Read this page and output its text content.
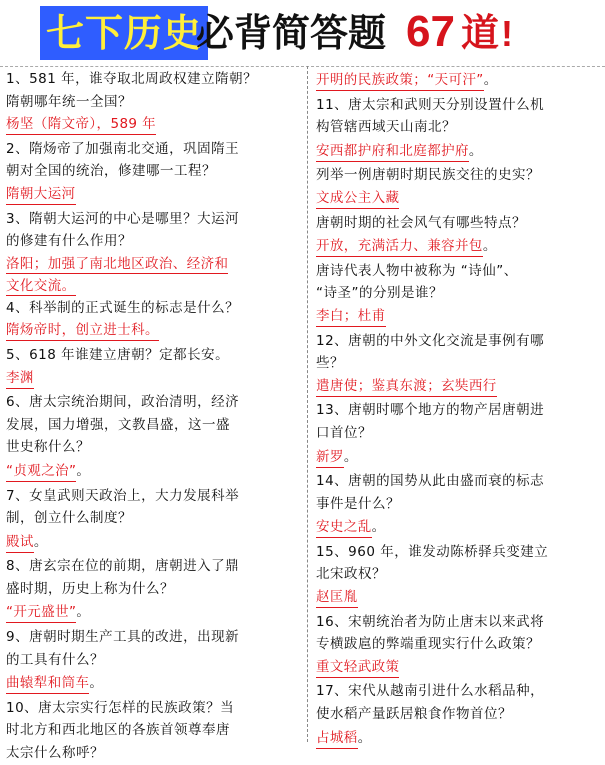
七下历史
必背简答题 67 道!
1、581 年，谁夺取北周政权建立隋朝？
隋朝哪年统一全国？
杨坚（隋文帝），589 年
2、隋炀帝了加强南北交通，巩固隋王
朝对全国的统治，修建哪一工程？
隋朝大运河
3、隋朝大运河的中心是哪里？大运河
的修建有什么作用？
洛阳；加强了南北地区政治、经济和
文化交流。
4、科举制的正式诞生的标志是什么？
隋炀帝时，创立进士科。
5、618 年谁建立唐朝？定都长安。
李渊
6、唐太宗统治期间，政治清明，经济
发展，国力增强，文教昌盛，这一盛
世史称什么？
“贞观之治”。
7、女皇武则天政治上，大力发展科举
制，创立什么制度？
殿试。
8、唐玄宗在位的前期，唐朝进入了鼎
盛时期，历史上称为什么？
“开元盛世”。
9、唐朝时期生产工具的改进，出现新
的工具有什么？
曲辕犁和筒车。
10、唐太宗实行怎样的民族政策？当
时北方和西北地区的各族首领尊奉唐
太宗什么称呼？
开明的民族政策；“天可汗”。
11、唐太宗和武则天分别设置什么机
构管辖西域天山南北？
安西都护府和北庭都护府。
列举一例唐朝时期民族交往的史实？
文成公主入藏
唐朝时期的社会风气有哪些特点？
开放，充满活力、兼容并包。
唐诗代表人物中被称为 “诗仙”、
“诗圣”的分别是谁？
李白；杜甫
12、唐朝的中外文化交流是事例有哪
些？
遣唐使；鉴真东渡；玄奘西行
13、唐朝时哪个地方的物产居唐朝进
口首位？
新罗。
14、唐朝的国势从此由盛而衰的标志
事件是什么？
安史之乱。
15、960 年，谁发动陈桥驿兵变建立
北宋政权？
赵匡胤
16、宋朝统治者为防止唐末以来武将
专横跋扈的弊端重现实行什么政策？
重文轻武政策
17、宋代从越南引进什么水稻品种，
使水稻产量跃居粮食作物首位？
占城稻。
